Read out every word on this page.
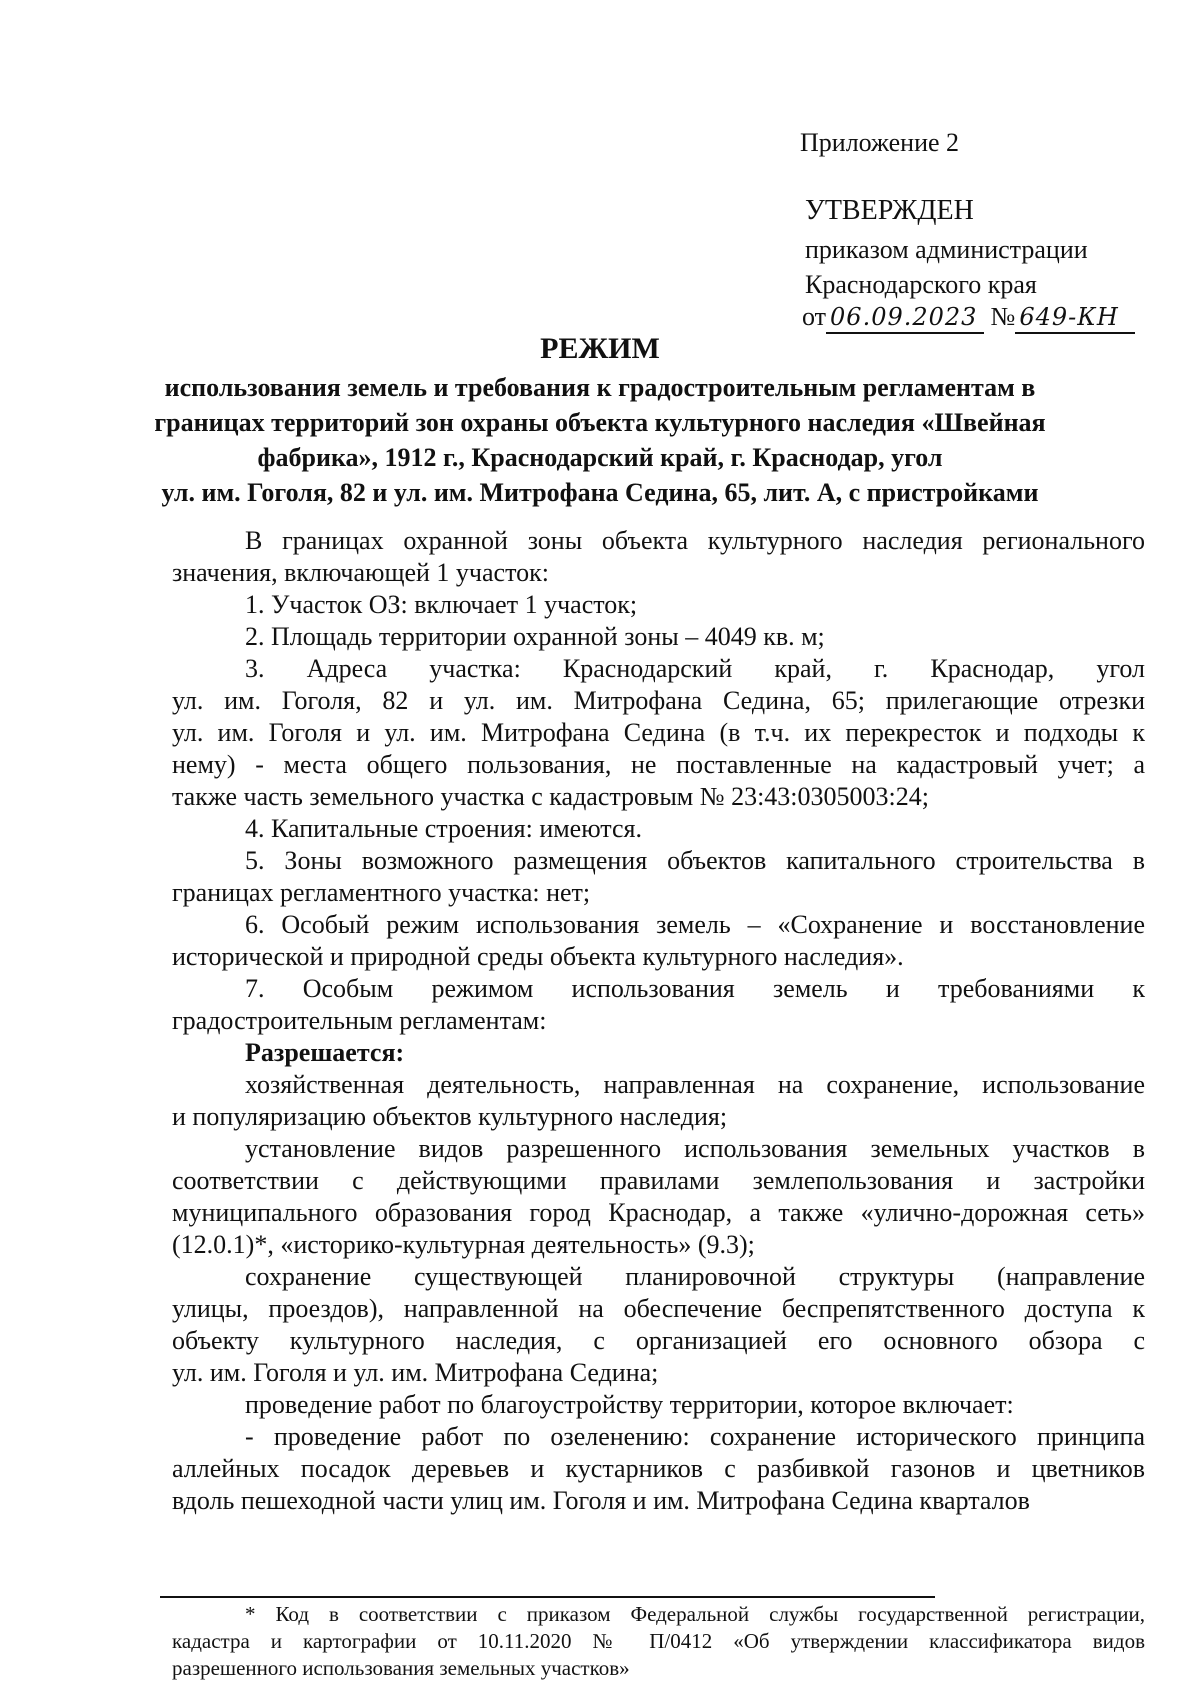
Приложение 2
УТВЕРЖДЕН
приказом администрации
Краснодарского края
от 06.09.2023 № 649-КН
РЕЖИМ
использования земель и требования к градостроительным регламентам в
границах территорий зон охраны объекта культурного наследия «Швейная
фабрика», 1912 г., Краснодарский край, г. Краснодар, угол
ул. им. Гоголя, 82 и ул. им. Митрофана Седина, 65, лит. А, с пристройками
В границах охранной зоны объекта культурного наследия регионального
значения, включающей 1 участок:
1. Участок ОЗ: включает 1 участок;
2. Площадь территории охранной зоны – 4049 кв. м;
3. Адреса участка: Краснодарский край, г. Краснодар, угол
ул. им. Гоголя, 82 и ул. им. Митрофана Седина, 65; прилегающие отрезки
ул. им. Гоголя и ул. им. Митрофана Седина (в т.ч. их перекресток и подходы к
нему) - места общего пользования, не поставленные на кадастровый учет; а
также часть земельного участка с кадастровым № 23:43:0305003:24;
4. Капитальные строения: имеются.
5. Зоны возможного размещения объектов капитального строительства в
границах регламентного участка: нет;
6. Особый режим использования земель – «Сохранение и восстановление
исторической и природной среды объекта культурного наследия».
7. Особым режимом использования земель и требованиями к
градостроительным регламентам:
Разрешается:
хозяйственная деятельность, направленная на сохранение, использование
и популяризацию объектов культурного наследия;
установление видов разрешенного использования земельных участков в
соответствии с действующими правилами землепользования и застройки
муниципального образования город Краснодар, а также «улично-дорожная сеть»
(12.0.1)*, «историко-культурная деятельность» (9.3);
сохранение существующей планировочной структуры (направление
улицы, проездов), направленной на обеспечение беспрепятственного доступа к
объекту культурного наследия, с организацией его основного обзора с
ул. им. Гоголя и ул. им. Митрофана Седина;
проведение работ по благоустройству территории, которое включает:
- проведение работ по озеленению: сохранение исторического принципа
аллейных посадок деревьев и кустарников с разбивкой газонов и цветников
вдоль пешеходной части улиц им. Гоголя и им. Митрофана Седина кварталов
* Код в соответствии с приказом Федеральной службы государственной регистрации,
кадастра и картографии от 10.11.2020 № П/0412 «Об утверждении классификатора видов
разрешенного использования земельных участков»
